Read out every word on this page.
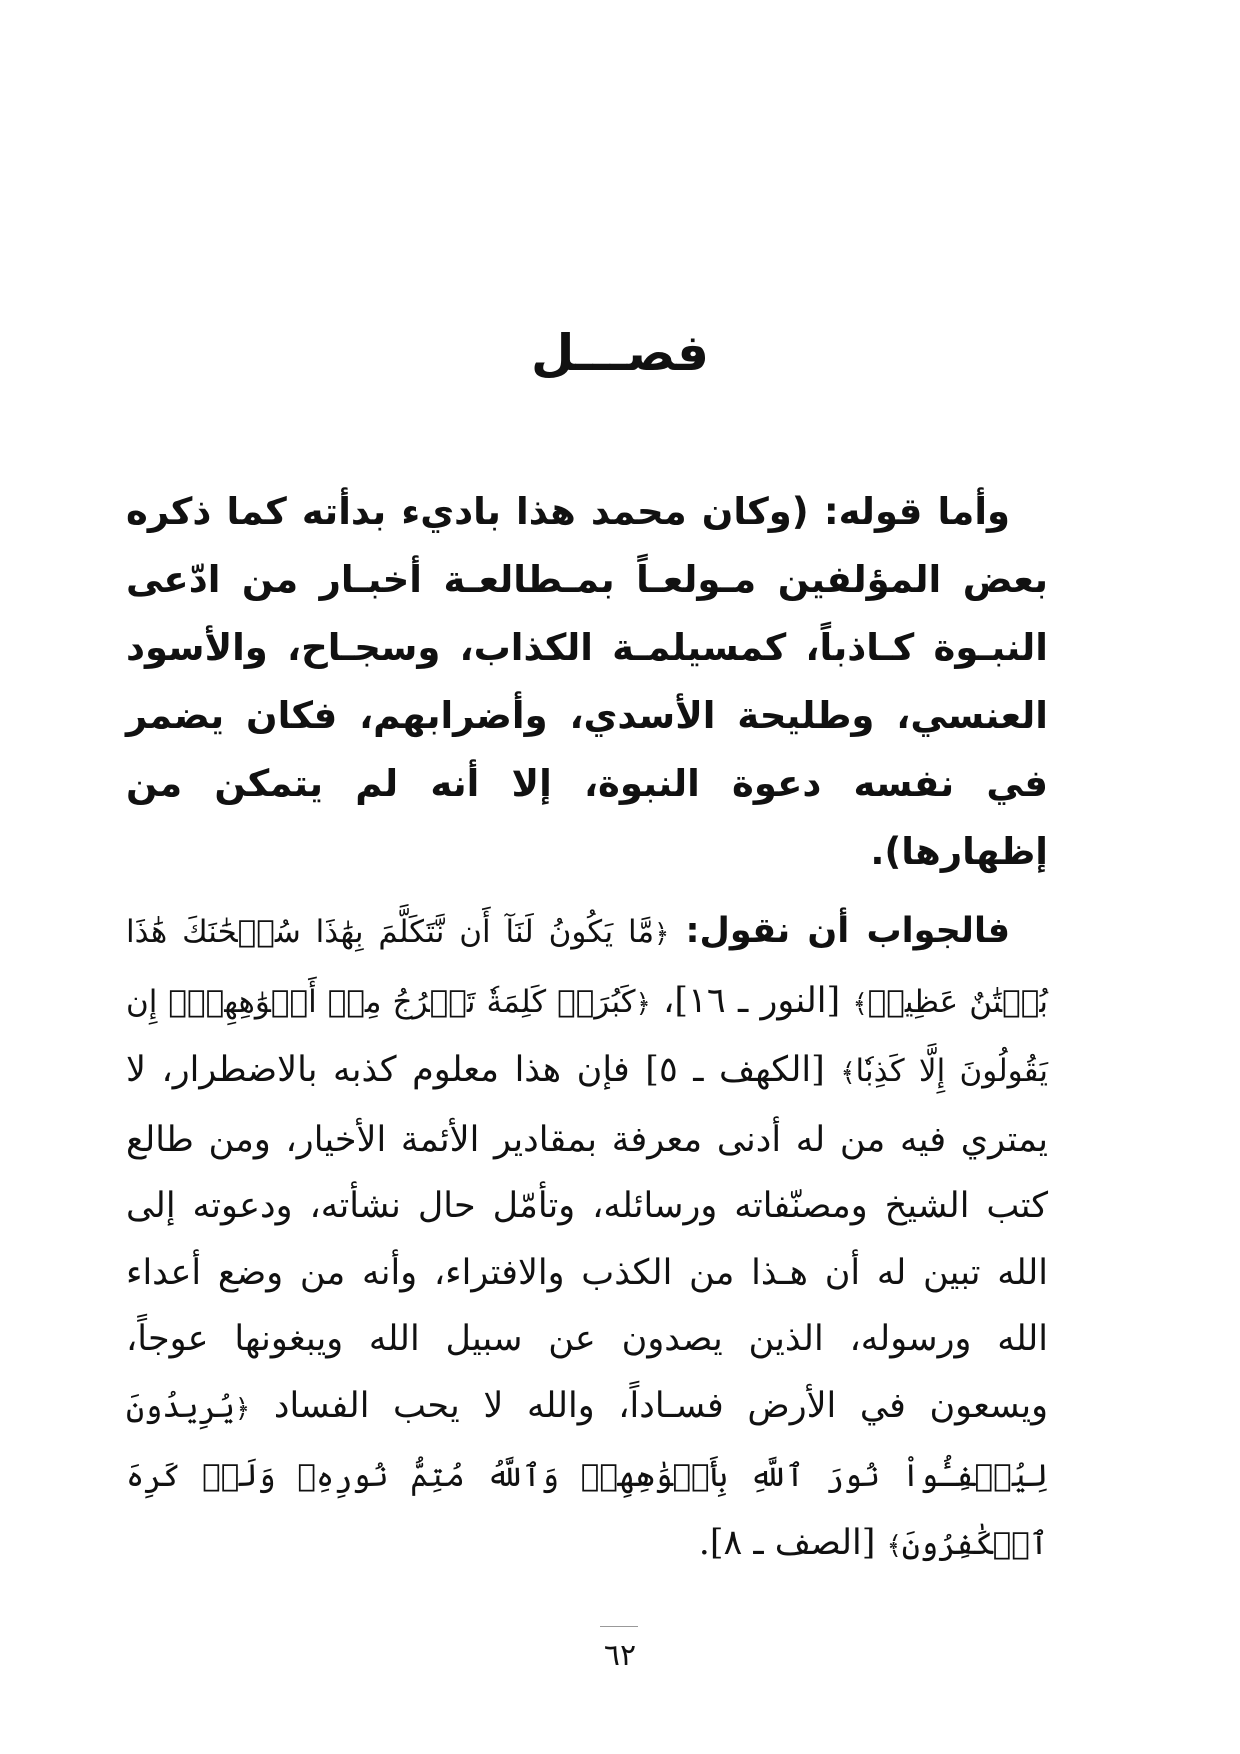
فصـــل

وأما قوله: (وكان محمد هذا باديء بدأته كما ذكره بعض المؤلفين مـولعـاً بمـطالعـة أخبـار من ادّعى النبـوة كـاذباً، كمسيلمـة الكذاب، وسجـاح، والأسود العنسي، وطليحة الأسدي، وأضرابهم، فكان يضمر في نفسه دعوة النبوة، إلا أنه لم يتمكن من إظهارها).

فالجواب أن نقول: ﴿مَّا يَكُونُ لَنَآ أَن نَّتَكَلَّمَ بِهَٰذَا سُبۡحَٰنَكَ هَٰذَا بُهۡتَٰنٌ عَظِيمٞ﴾ [النور ـ ١٦]، ﴿كَبُرَتۡ كَلِمَةٗ تَخۡرُجُ مِنۡ أَفۡوَٰهِهِمۡۚ إِن يَقُولُونَ إِلَّا كَذِبٗا﴾ [الكهف ـ ٥] فإن هذا معلوم كذبه بالاضطرار، لا يمتري فيه من له أدنى معرفة بمقادير الأئمة الأخيار، ومن طالع كتب الشيخ ومصنّفاته ورسائله، وتأمّل حال نشأته، ودعوته إلى الله تبين له أن هـذا من الكذب والافتراء، وأنه من وضع أعداء الله ورسوله، الذين يصدون عن سبيل الله ويبغونها عوجاً، ويسعون في الأرض فسـاداً، والله لا يحب الفساد ﴿يُرِيدُونَ لِيُطۡفِـُٔواْ نُورَ ٱللَّهِ بِأَفۡوَٰهِهِمۡ وَٱللَّهُ مُتِمُّ نُورِهِۦ وَلَوۡ كَرِهَ ٱلۡكَٰفِرُونَ﴾ [الصف ـ ٨].

٦٢
